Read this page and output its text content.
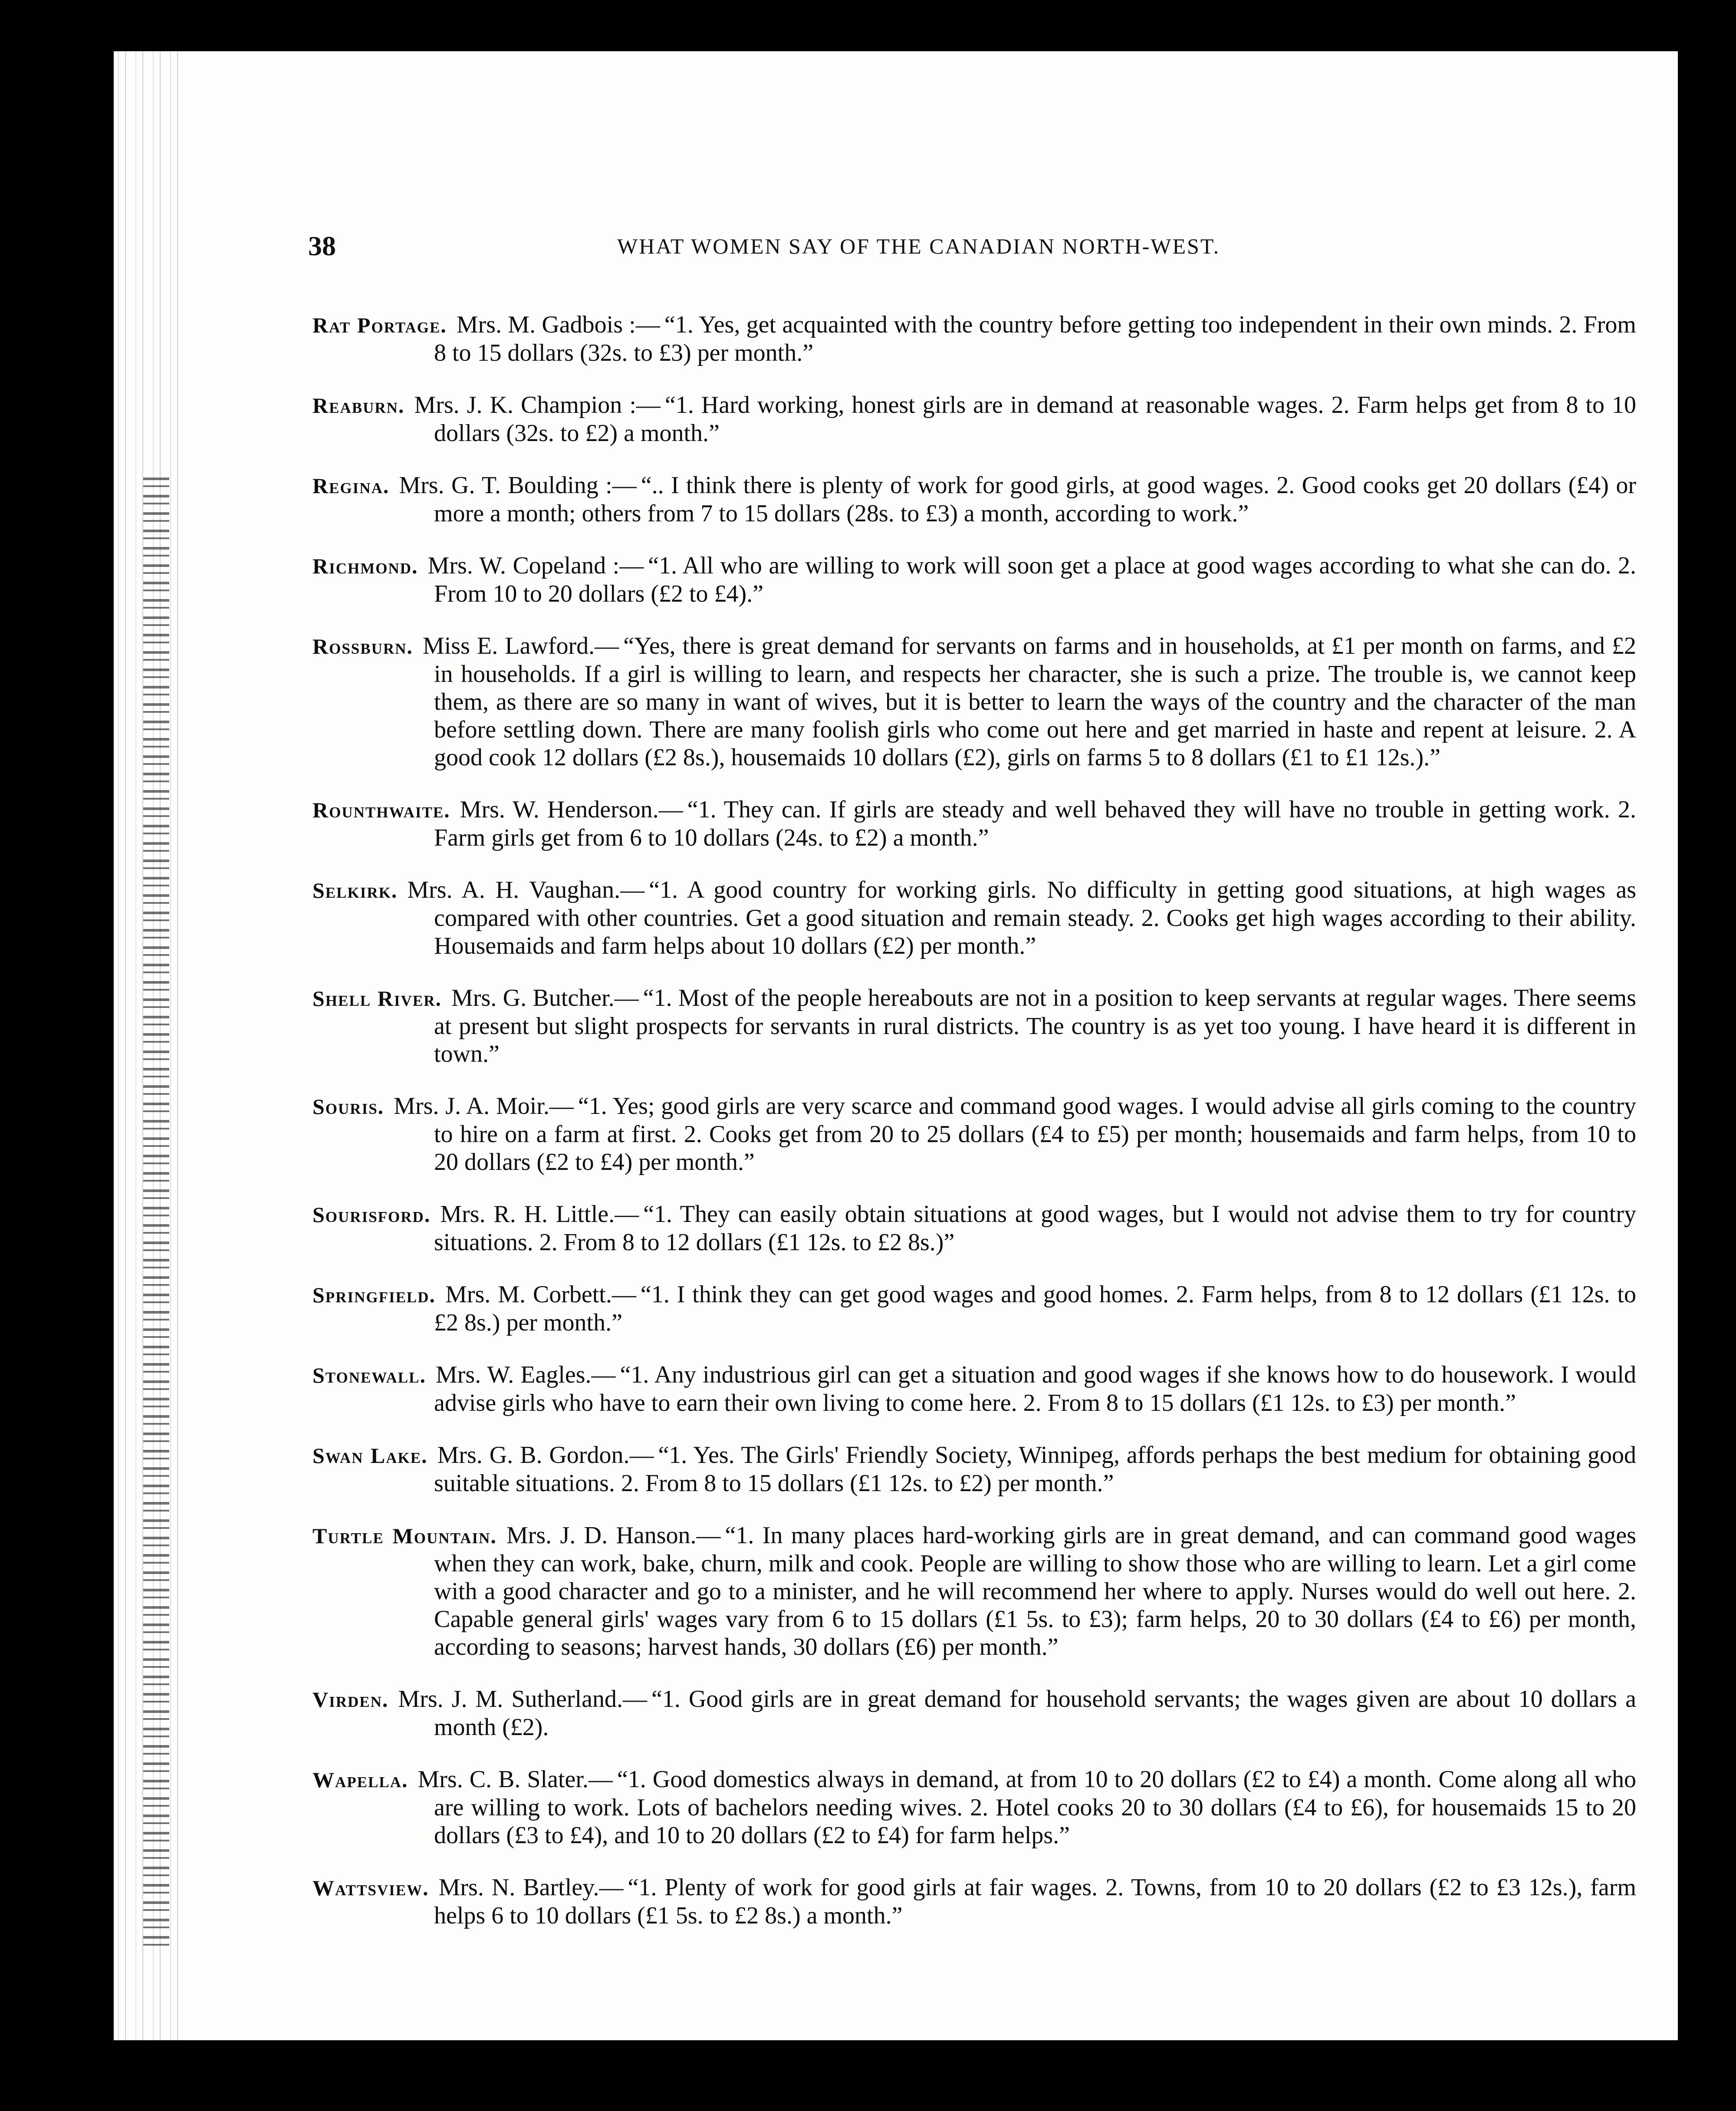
38	WHAT WOMEN SAY OF THE CANADIAN NORTH-WEST.

Rat Portage. Mrs. M. Gadbois :— “1. Yes, get acquainted with the country before getting too independent in their own minds. 2. From 8 to 15 dollars (32s. to £3) per month.”

Reaburn. Mrs. J. K. Champion :— “1. Hard working, honest girls are in demand at reasonable wages. 2. Farm helps get from 8 to 10 dollars (32s. to £2) a month.”

Regina. Mrs. G. T. Boulding :— “.. I think there is plenty of work for good girls, at good wages. 2. Good cooks get 20 dollars (£4) or more a month; others from 7 to 15 dollars (28s. to £3) a month, according to work.”

Richmond. Mrs. W. Copeland :— “1. All who are willing to work will soon get a place at good wages according to what she can do. 2. From 10 to 20 dollars (£2 to £4).”

Rossburn. Miss E. Lawford.— “Yes, there is great demand for servants on farms and in households, at £1 per month on farms, and £2 in households. If a girl is willing to learn, and respects her character, she is such a prize. The trouble is, we cannot keep them, as there are so many in want of wives, but it is better to learn the ways of the country and the character of the man before settling down. There are many foolish girls who come out here and get married in haste and repent at leisure. 2. A good cook 12 dollars (£2 8s.), housemaids 10 dollars (£2), girls on farms 5 to 8 dollars (£1 to £1 12s.).”

Rounthwaite. Mrs. W. Henderson.— “1. They can. If girls are steady and well behaved they will have no trouble in getting work. 2. Farm girls get from 6 to 10 dollars (24s. to £2) a month.”

Selkirk. Mrs. A. H. Vaughan.— “1. A good country for working girls. No difficulty in getting good situations, at high wages as compared with other countries. Get a good situation and remain steady. 2. Cooks get high wages according to their ability. Housemaids and farm helps about 10 dollars (£2) per month.”

Shell River. Mrs. G. Butcher.— “1. Most of the people hereabouts are not in a position to keep servants at regular wages. There seems at present but slight prospects for servants in rural districts. The country is as yet too young. I have heard it is different in town.”

Souris. Mrs. J. A. Moir.— “1. Yes; good girls are very scarce and command good wages. I would advise all girls coming to the country to hire on a farm at first. 2. Cooks get from 20 to 25 dollars (£4 to £5) per month; housemaids and farm helps, from 10 to 20 dollars (£2 to £4) per month.”

Sourisford. Mrs. R. H. Little.— “1. They can easily obtain situations at good wages, but I would not advise them to try for country situations. 2. From 8 to 12 dollars (£1 12s. to £2 8s.)”

Springfield. Mrs. M. Corbett.— “1. I think they can get good wages and good homes. 2. Farm helps, from 8 to 12 dollars (£1 12s. to £2 8s.) per month.”

Stonewall. Mrs. W. Eagles.— “1. Any industrious girl can get a situation and good wages if she knows how to do housework. I would advise girls who have to earn their own living to come here. 2. From 8 to 15 dollars (£1 12s. to £3) per month.”

Swan Lake. Mrs. G. B. Gordon.— “1. Yes. The Girls' Friendly Society, Winnipeg, affords perhaps the best medium for obtaining good suitable situations. 2. From 8 to 15 dollars (£1 12s. to £2) per month.”

Turtle Mountain. Mrs. J. D. Hanson.— “1. In many places hard-working girls are in great demand, and can command good wages when they can work, bake, churn, milk and cook. People are willing to show those who are willing to learn. Let a girl come with a good character and go to a minister, and he will recommend her where to apply. Nurses would do well out here. 2. Capable general girls' wages vary from 6 to 15 dollars (£1 5s. to £3); farm helps, 20 to 30 dollars (£4 to £6) per month, according to seasons; harvest hands, 30 dollars (£6) per month.”

Virden. Mrs. J. M. Sutherland.— “1. Good girls are in great demand for household servants; the wages given are about 10 dollars a month (£2).

Wapella. Mrs. C. B. Slater.— “1. Good domestics always in demand, at from 10 to 20 dollars (£2 to £4) a month. Come along all who are willing to work. Lots of bachelors needing wives. 2. Hotel cooks 20 to 30 dollars (£4 to £6), for housemaids 15 to 20 dollars (£3 to £4), and 10 to 20 dollars (£2 to £4) for farm helps.”

Wattsview. Mrs. N. Bartley.— “1. Plenty of work for good girls at fair wages. 2. Towns, from 10 to 20 dollars (£2 to £3 12s.), farm helps 6 to 10 dollars (£1 5s. to £2 8s.) a month.”
